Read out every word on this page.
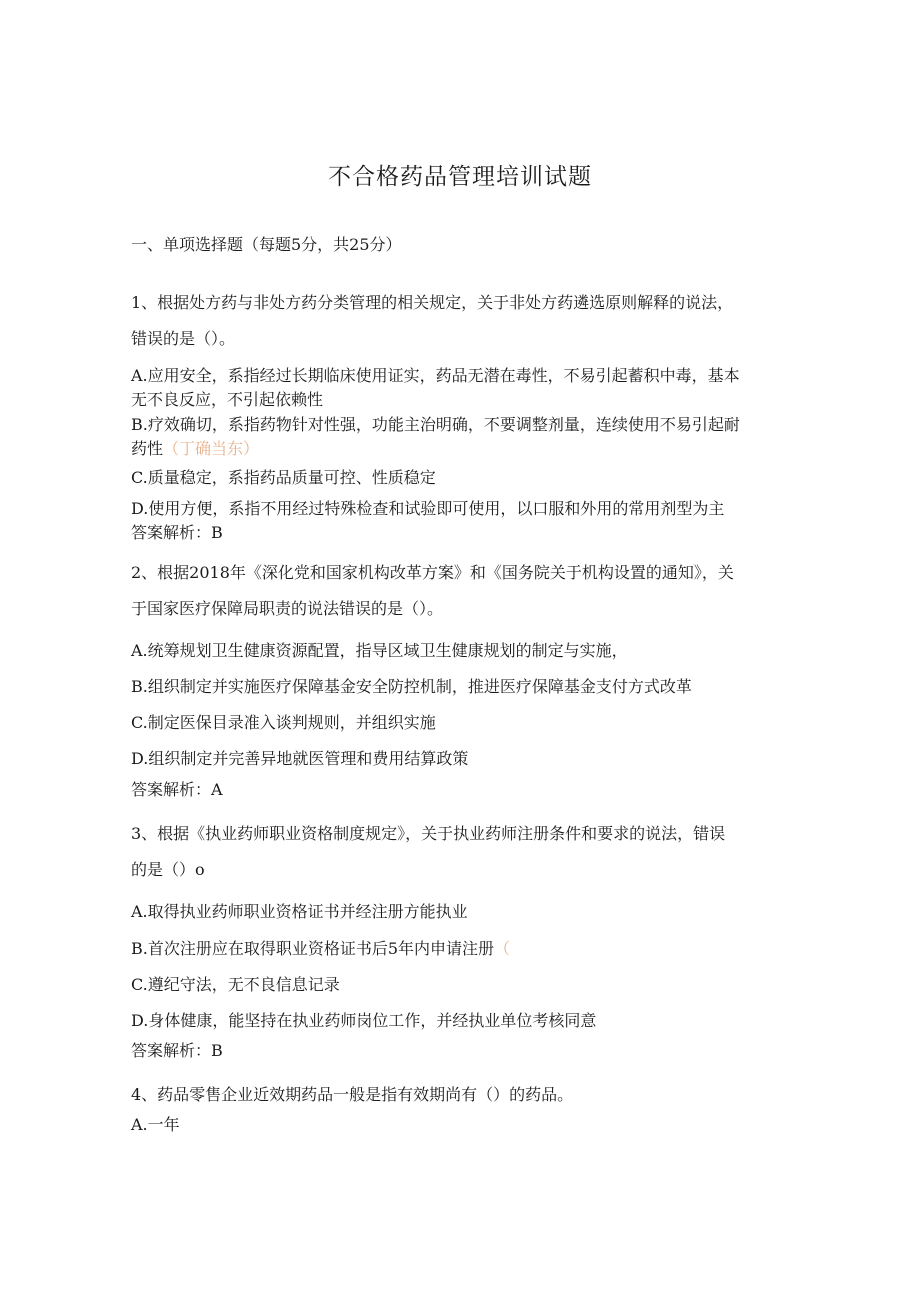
不合格药品管理培训试题
一、单项选择题（每题5分，共25分）
1、根据处方药与非处方药分类管理的相关规定，关于非处方药遴选原则解释的说法，
错误的是（）。
A.应用安全，系指经过长期临床使用证实，药品无潜在毒性，不易引起蓄积中毒，基本
无不良反应，不引起依赖性
B.疗效确切，系指药物针对性强，功能主治明确，不要调整剂量，连续使用不易引起耐
药性（丁确当东）
C.质量稳定，系指药品质量可控、性质稳定
D.使用方便，系指不用经过特殊检查和试验即可使用，以口服和外用的常用剂型为主
答案解析：B
2、根据2018年《深化党和国家机构改革方案》和《国务院关于机构设置的通知》，关
于国家医疗保障局职责的说法错误的是（）。
A.统筹规划卫生健康资源配置，指导区域卫生健康规划的制定与实施，
B.组织制定并实施医疗保障基金安全防控机制，推进医疗保障基金支付方式改革
C.制定医保目录准入谈判规则，并组织实施
D.组织制定并完善异地就医管理和费用结算政策
答案解析：A
3、根据《执业药师职业资格制度规定》，关于执业药师注册条件和要求的说法，错误
的是（）o
A.取得执业药师职业资格证书并经注册方能执业
B.首次注册应在取得职业资格证书后5年内申请注册（
C.遵纪守法，无不良信息记录
D.身体健康，能坚持在执业药师岗位工作，并经执业单位考核同意
答案解析：B
4、药品零售企业近效期药品一般是指有效期尚有（）的药品。
A.一年
